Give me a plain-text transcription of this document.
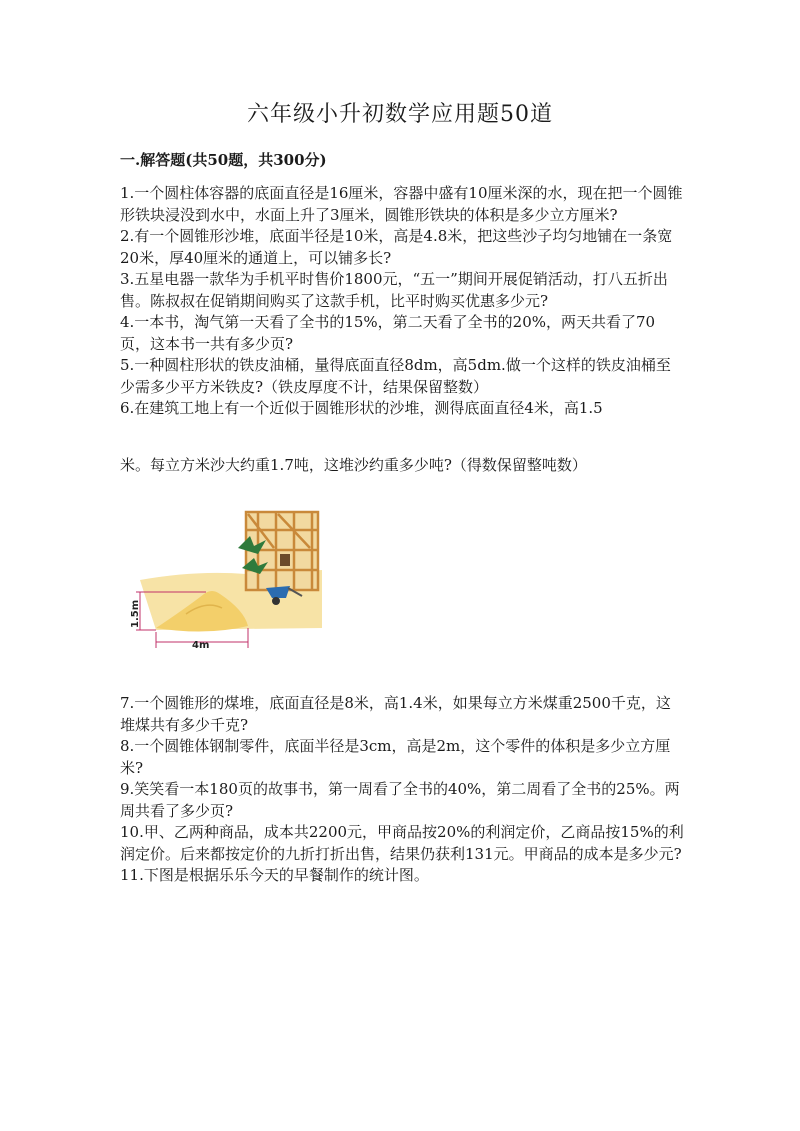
六年级小升初数学应用题50道
一.解答题(共50题，共300分)

1.一个圆柱体容器的底面直径是16厘米，容器中盛有10厘米深的水，现在把一个圆锥形铁块浸没到水中，水面上升了3厘米，圆锥形铁块的体积是多少立方厘米?

2.有一个圆锥形沙堆，底面半径是10米，高是4.8米，把这些沙子均匀地铺在一条宽20米，厚40厘米的通道上，可以铺多长?

3.五星电器一款华为手机平时售价1800元，“五一”期间开展促销活动，打八五折出售。陈叔叔在促销期间购买了这款手机，比平时购买优惠多少元?

4.一本书，淘气第一天看了全书的15%，第二天看了全书的20%，两天共看了70页，这本书一共有多少页?

5.一种圆柱形状的铁皮油桶，量得底面直径8dm，高5dm.做一个这样的铁皮油桶至少需多少平方米铁皮?（铁皮厚度不计，结果保留整数）

6.在建筑工地上有一个近似于圆锥形状的沙堆，测得底面直径4米，高1.5

米。每立方米沙大约重1.7吨，这堆沙约重多少吨?（得数保留整吨数）

1.5m
4m

7.一个圆锥形的煤堆，底面直径是8米，高1.4米，如果每立方米煤重2500千克，这堆煤共有多少千克?

8.一个圆锥体钢制零件，底面半径是3cm，高是2m，这个零件的体积是多少立方厘米?

9.笑笑看一本180页的故事书，第一周看了全书的40%，第二周看了全书的25%。两周共看了多少页?

10.甲、乙两种商品，成本共2200元，甲商品按20%的利润定价，乙商品按15%的利润定价。后来都按定价的九折打折出售，结果仍获利131元。甲商品的成本是多少元?

11.下图是根据乐乐今天的早餐制作的统计图。
